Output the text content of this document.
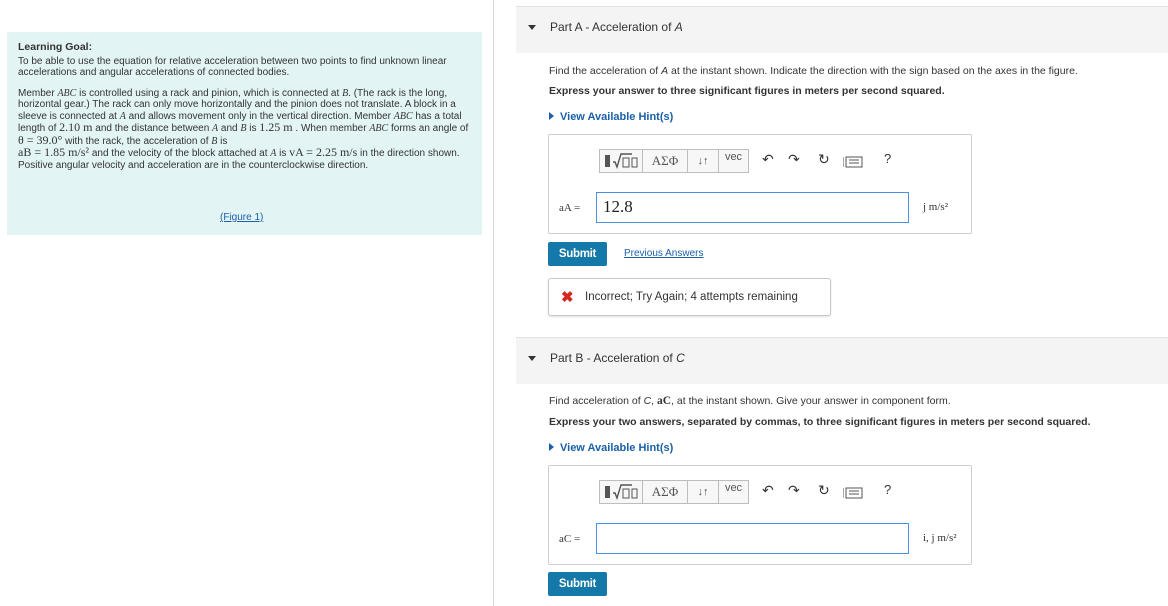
Learning Goal:

To be able to use the equation for relative acceleration between two points to find unknown linear accelerations and angular accelerations of connected bodies.

Member ABC is controlled using a rack and pinion, which is connected at B. (The rack is the long, horizontal gear.) The rack can only move horizontally and the pinion does not translate. A block in a sleeve is connected at A and allows movement only in the vertical direction. Member ABC has a total length of 2.10 m and the distance between A and B is 1.25 m . When member ABC forms an angle of θ = 39.0° with the rack, the acceleration of B is
aB = 1.85 m/s² and the velocity of the block attached at A is vA = 2.25 m/s in the direction shown. Positive angular velocity and acceleration are in the counterclockwise direction.

(Figure 1)
Part A - Acceleration of A
Find the acceleration of A at the instant shown. Indicate the direction with the sign based on the axes in the figure.
Express your answer to three significant figures in meters per second squared.
View Available Hint(s)
ΑΣΦ	↓↑	vec	↶ ↷ ↻	?
aA =	12.8	j m/s²
Submit	Previous Answers
✖ Incorrect; Try Again; 4 attempts remaining
Part B - Acceleration of C
Find acceleration of C, aC, at the instant shown. Give your answer in component form.
Express your two answers, separated by commas, to three significant figures in meters per second squared.
View Available Hint(s)
ΑΣΦ	↓↑	vec	↶ ↷ ↻	?
aC =	i, j m/s²
Submit
